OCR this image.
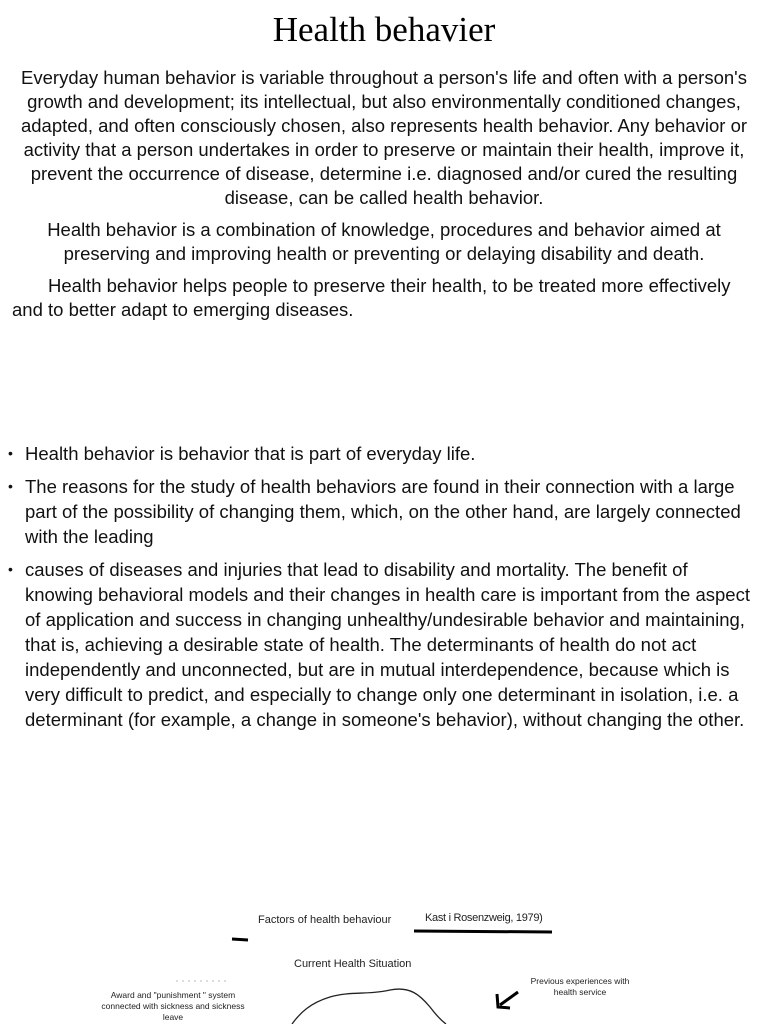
Health behavier

Everyday human behavior is variable throughout a person's life and often with a person's growth and development; its intellectual, but also environmentally conditioned changes, adapted, and often consciously chosen, also represents health behavior. Any behavior or activity that a person undertakes in order to preserve or maintain their health, improve it, prevent the occurrence of disease, determine i.e. diagnosed and/or cured the resulting disease, can be called health behavior.

Health behavior is a combination of knowledge, procedures and behavior aimed at preserving and improving health or preventing or delaying disability and death.

Health behavior helps people to preserve their health, to be treated more effectively and to better adapt to emerging diseases.

• Health behavior is behavior that is part of everyday life.
• The reasons for the study of health behaviors are found in their connection with a large part of the possibility of changing them, which, on the other hand, are largely connected with the leading
• causes of diseases and injuries that lead to disability and mortality. The benefit of knowing behavioral models and their changes in health care is important from the aspect of application and success in changing unhealthy/undesirable behavior and maintaining, that is, achieving a desirable state of health. The determinants of health do not act independently and unconnected, but are in mutual interdependence, because which is very difficult to predict, and especially to change only one determinant in isolation, i.e. a determinant (for example, a change in someone's behavior), without changing the other.
Factors of health behaviour	Kast i Rosenzweig, 1979)
Current Health Situation
Award and "punishment " system connected with sickness and sickness leave
Previous experiences with health service
